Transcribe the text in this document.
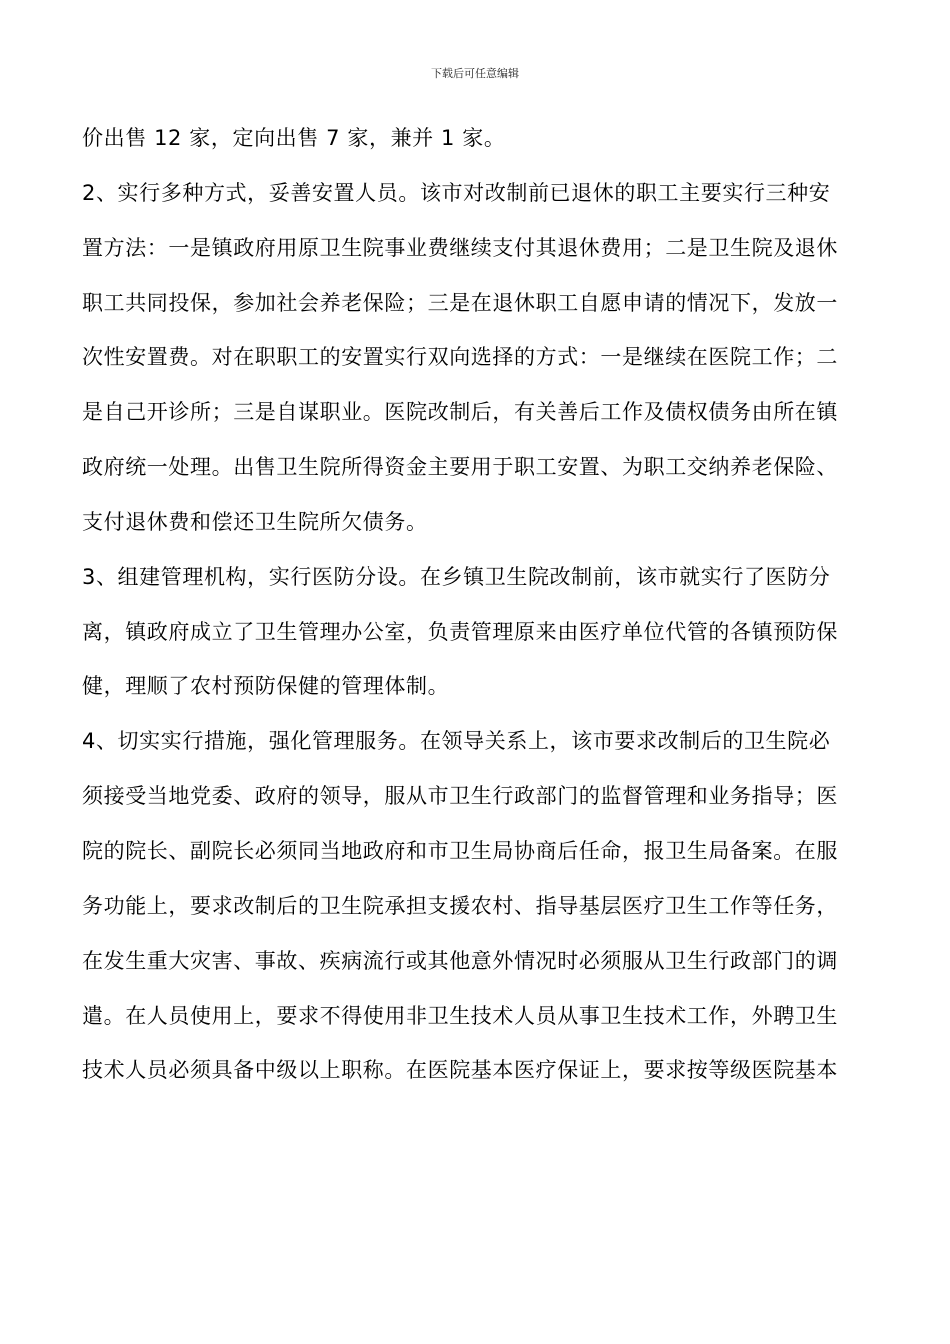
下载后可任意编辑
价出售 12 家，定向出售 7 家，兼并 1 家。
2、实行多种方式，妥善安置人员。该市对改制前已退休的职工主要实行三种安
置方法：一是镇政府用原卫生院事业费继续支付其退休费用；二是卫生院及退休
职工共同投保，参加社会养老保险；三是在退休职工自愿申请的情况下，发放一
次性安置费。对在职职工的安置实行双向选择的方式：一是继续在医院工作；二
是自己开诊所；三是自谋职业。医院改制后，有关善后工作及债权债务由所在镇
政府统一处理。出售卫生院所得资金主要用于职工安置、为职工交纳养老保险、
支付退休费和偿还卫生院所欠债务。
3、组建管理机构，实行医防分设。在乡镇卫生院改制前，该市就实行了医防分
离，镇政府成立了卫生管理办公室，负责管理原来由医疗单位代管的各镇预防保
健，理顺了农村预防保健的管理体制。
4、切实实行措施，强化管理服务。在领导关系上，该市要求改制后的卫生院必
须接受当地党委、政府的领导，服从市卫生行政部门的监督管理和业务指导；医
院的院长、副院长必须同当地政府和市卫生局协商后任命，报卫生局备案。在服
务功能上，要求改制后的卫生院承担支援农村、指导基层医疗卫生工作等任务，
在发生重大灾害、事故、疾病流行或其他意外情况时必须服从卫生行政部门的调
遣。在人员使用上，要求不得使用非卫生技术人员从事卫生技术工作，外聘卫生
技术人员必须具备中级以上职称。在医院基本医疗保证上，要求按等级医院基本
